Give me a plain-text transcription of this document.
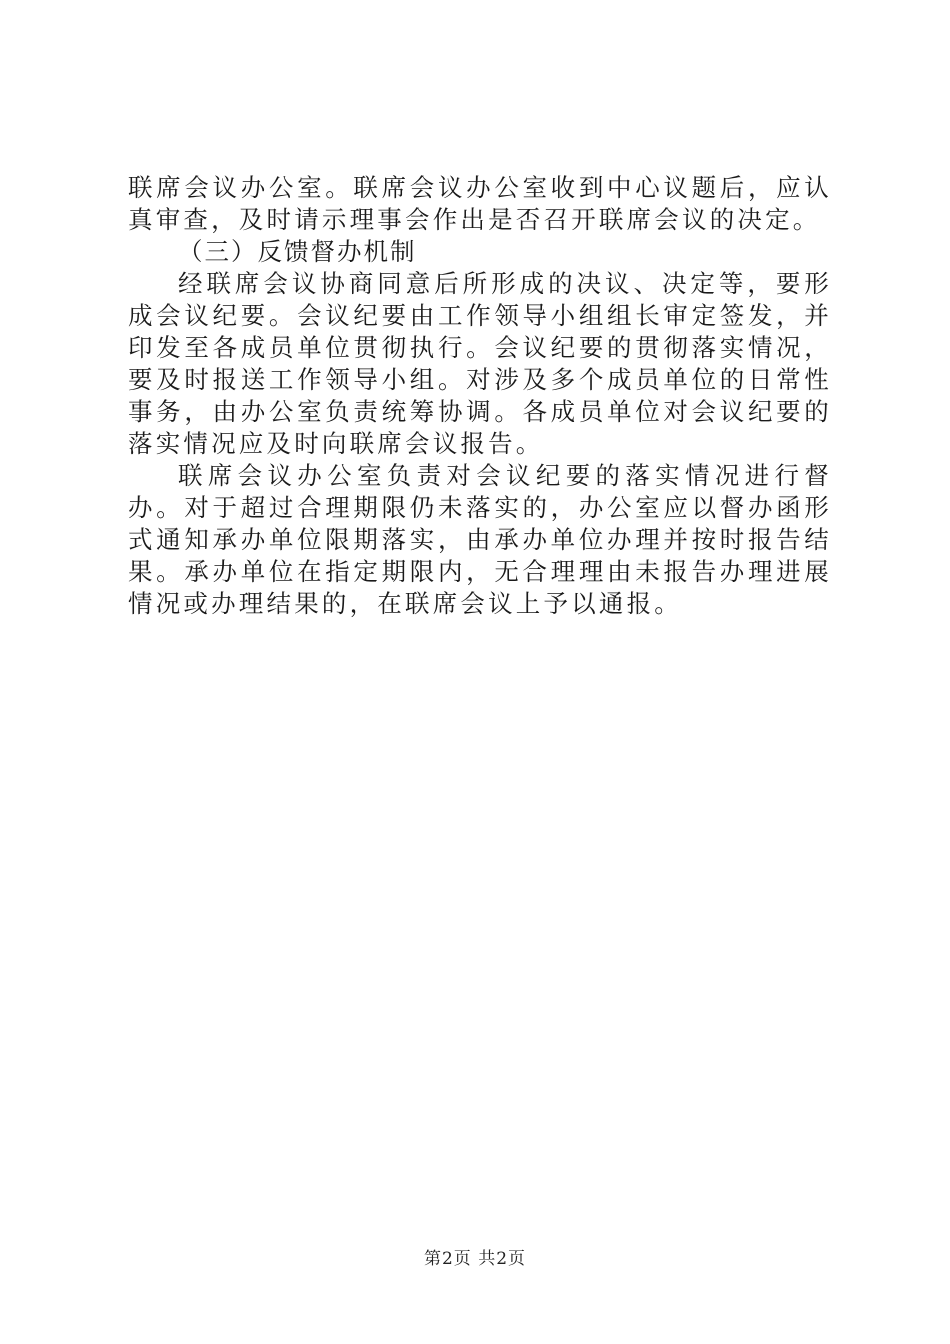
联席会议办公室。联席会议办公室收到中心议题后，应认真审查，及时请示理事会作出是否召开联席会议的决定。

（三）反馈督办机制

经联席会议协商同意后所形成的决议、决定等，要形成会议纪要。会议纪要由工作领导小组组长审定签发，并印发至各成员单位贯彻执行。会议纪要的贯彻落实情况，要及时报送工作领导小组。对涉及多个成员单位的日常性事务，由办公室负责统筹协调。各成员单位对会议纪要的落实情况应及时向联席会议报告。

联席会议办公室负责对会议纪要的落实情况进行督办。对于超过合理期限仍未落实的，办公室应以督办函形式通知承办单位限期落实，由承办单位办理并按时报告结果。承办单位在指定期限内，无合理理由未报告办理进展情况或办理结果的，在联席会议上予以通报。

第2页 共2页
